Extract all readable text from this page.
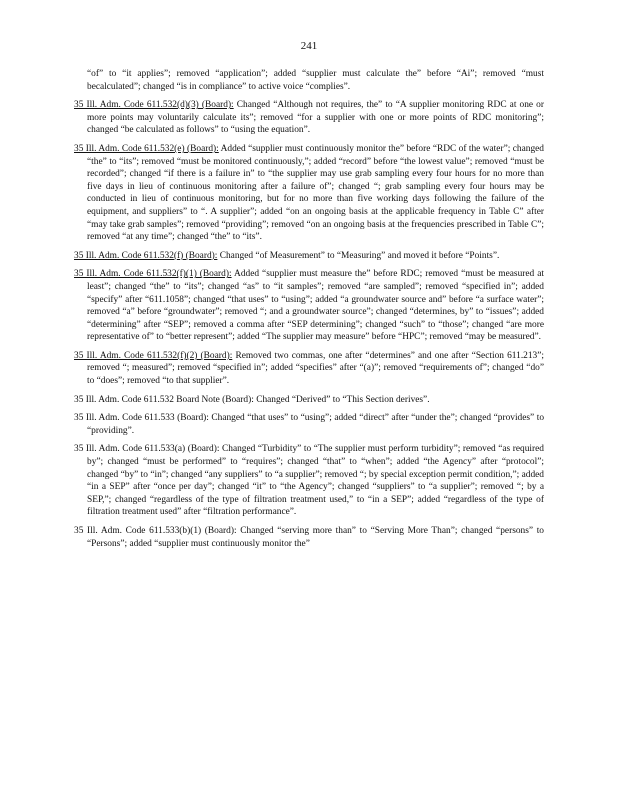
241

“of” to “it applies”; removed “application”; added “supplier must calculate the” before “Ai”; removed “must becalculated”; changed “is in compliance” to active voice “complies”.

35 Ill. Adm. Code 611.532(d)(3) (Board): Changed “Although not requires, the” to “A supplier monitoring RDC at one or more points may voluntarily calculate its”; removed “for a supplier with one or more points of RDC monitoring”; changed “be calculated as follows” to “using the equation”.

35 Ill. Adm. Code 611.532(e) (Board): Added “supplier must continuously monitor the” before “RDC of the water”; changed “the” to “its”; removed “must be monitored continuously,”; added “record” before “the lowest value”; removed “must be recorded”; changed “if there is a failure in” to “the supplier may use grab sampling every four hours for no more than five days in lieu of continuous monitoring after a failure of”; changed “; grab sampling every four hours may be conducted in lieu of continuous monitoring, but for no more than five working days following the failure of the equipment, and suppliers” to “. A supplier”; added “on an ongoing basis at the applicable frequency in Table C” after “may take grab samples”; removed “providing”; removed “on an ongoing basis at the frequencies prescribed in Table C”; removed “at any time”; changed “the” to “its”.

35 Ill. Adm. Code 611.532(f) (Board): Changed “of Measurement” to “Measuring” and moved it before “Points”.

35 Ill. Adm. Code 611.532(f)(1) (Board): Added “supplier must measure the” before RDC; removed “must be measured at least”; changed “the” to “its”; changed “as” to “it samples”; removed “are sampled”; removed “specified in”; added “specify” after “611.1058”; changed “that uses” to “using”; added “a groundwater source and” before “a surface water”; removed “a” before “groundwater”; removed “; and a groundwater source”; changed “determines, by” to “issues”; added “determining” after “SEP”; removed a comma after “SEP determining”; changed “such” to “those”; changed “are more representative of” to “better represent”; added “The supplier may measure” before “HPC”; removed “may be measured”.

35 Ill. Adm. Code 611.532(f)(2) (Board): Removed two commas, one after “determines” and one after “Section 611.213”; removed “; measured”; removed “specified in”; added “specifies” after “(a)”; removed “requirements of”; changed “do” to “does”; removed “to that supplier”.

35 Ill. Adm. Code 611.532 Board Note (Board): Changed “Derived” to “This Section derives”.

35 Ill. Adm. Code 611.533 (Board): Changed “that uses” to “using”; added “direct” after “under the”; changed “provides” to “providing”.

35 Ill. Adm. Code 611.533(a) (Board): Changed “Turbidity” to “The supplier must perform turbidity”; removed “as required by”; changed “must be performed” to “requires”; changed “that” to “when”; added “the Agency” after “protocol”; changed “by” to “in”; changed “any suppliers” to “a supplier”; removed “; by special exception permit condition,”; added “in a SEP” after “once per day”; changed “it” to “the Agency”; changed “suppliers” to “a supplier”; removed “; by a SEP,”; changed “regardless of the type of filtration treatment used,” to “in a SEP”; added “regardless of the type of filtration treatment used” after “filtration performance”.

35 Ill. Adm. Code 611.533(b)(1) (Board): Changed “serving more than” to “Serving More Than”; changed “persons” to “Persons”; added “supplier must continuously monitor the”
